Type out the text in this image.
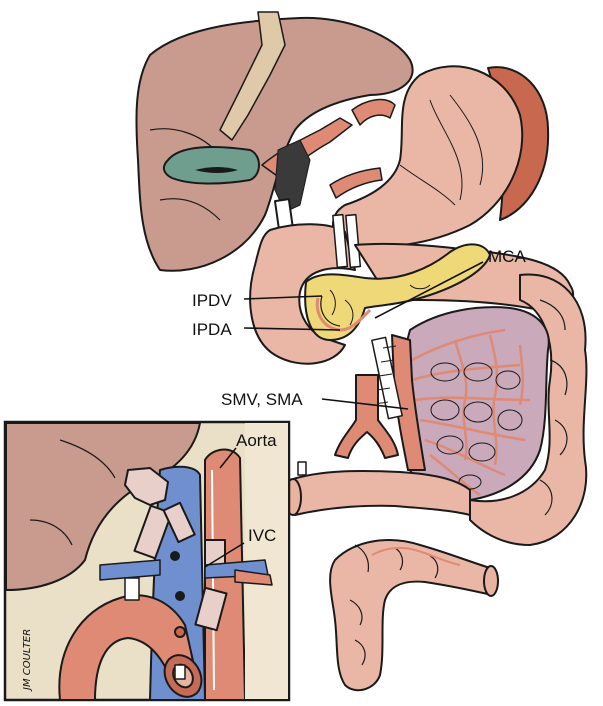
MCA
IPDV
IPDA
SMV, SMA
Aorta
IVC
JM COULTER
